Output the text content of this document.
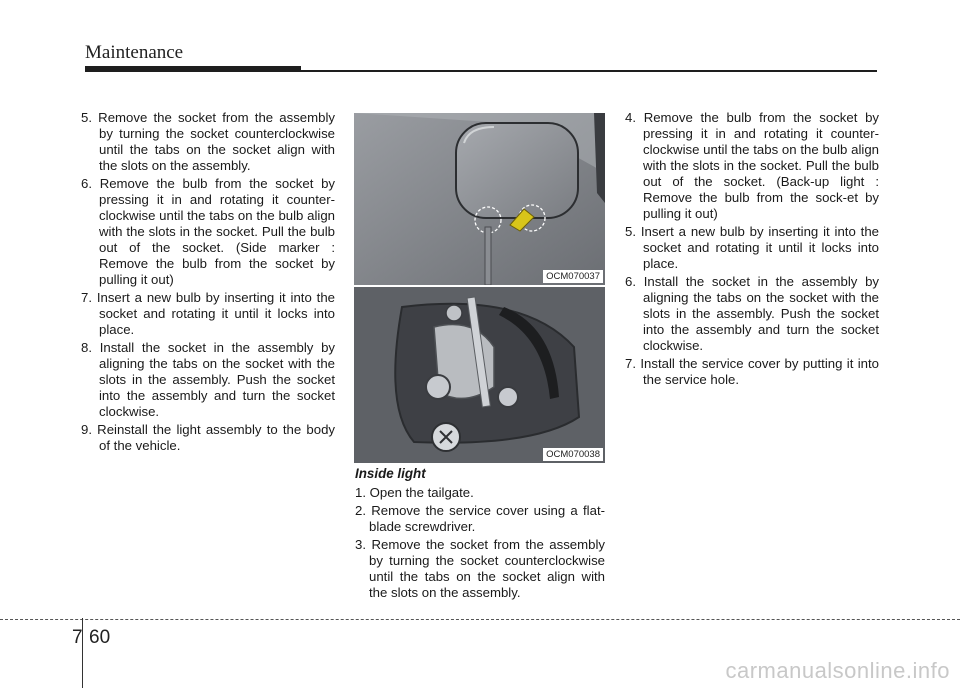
Maintenance

5. Remove the socket from the assembly by turning the socket counterclockwise until the tabs on the socket align with the slots on the assembly.

6. Remove the bulb from the socket by pressing it in and rotating it counter-clockwise until the tabs on the bulb align with the slots in the socket. Pull the bulb out of the socket. (Side marker : Remove the bulb from the socket by pulling it out)

7. Insert a new bulb by inserting it into the socket and rotating it until it locks into place.

8. Install the socket in the assembly by aligning the tabs on the socket with the slots in the assembly. Push the socket into the assembly and turn the socket clockwise.

9. Reinstall the light assembly to the body of the vehicle.

OCM070037
OCM070038
Inside light

1. Open the tailgate.

2. Remove the service cover using a flat-blade screwdriver.

3. Remove the socket from the assembly by turning the socket counterclockwise until the tabs on the socket align with the slots on the assembly.

4. Remove the bulb from the socket by pressing it in and rotating it counter-clockwise until the tabs on the bulb align with the slots in the socket. Pull the bulb out of the socket. (Back-up light : Remove the bulb from the sock-et by pulling it out)

5. Insert a new bulb by inserting it into the socket and rotating it until it locks into place.

6. Install the socket in the assembly by aligning the tabs on the socket with the slots in the assembly. Push the socket into the assembly and turn the socket clockwise.

7. Install the service cover by putting it into the service hole.

7 60
carmanualsonline.info
